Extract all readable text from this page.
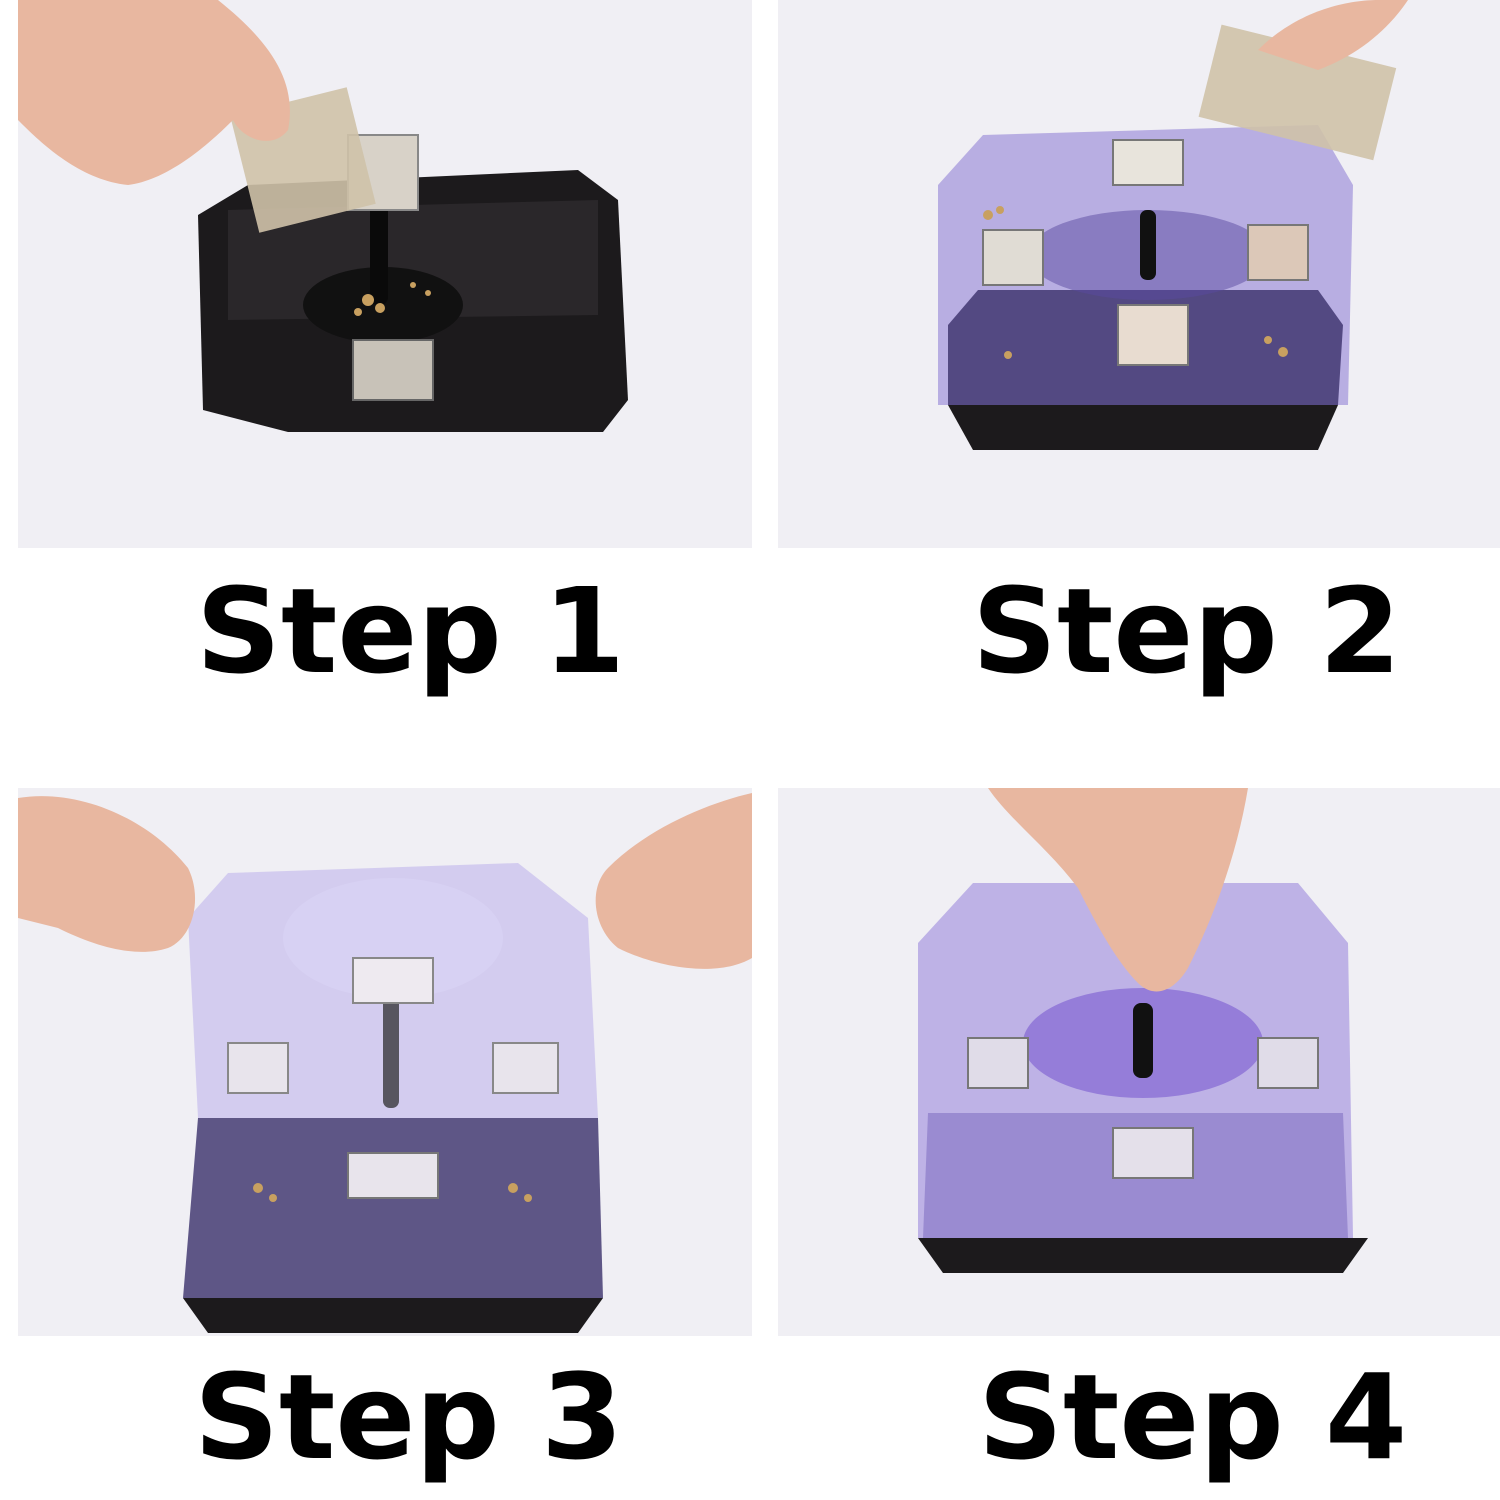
Step 1	Step 2
Step 3	Step 4
